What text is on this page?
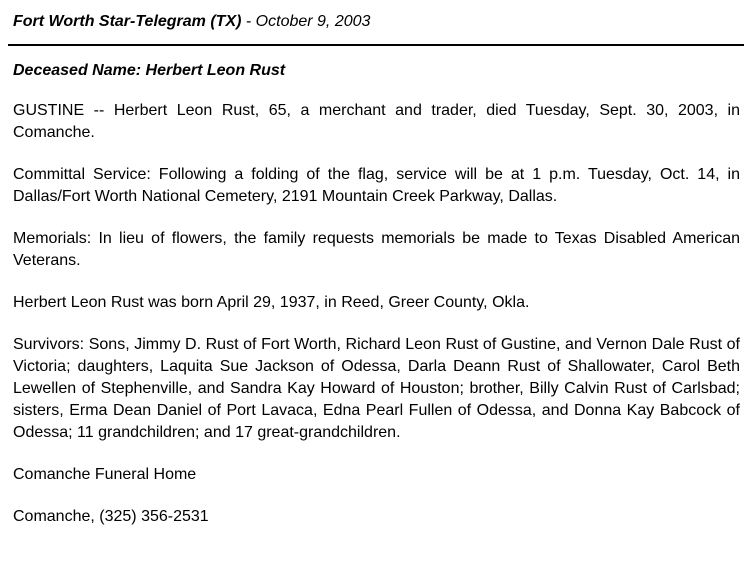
Fort Worth Star-Telegram (TX) - October 9, 2003
Deceased Name: Herbert Leon Rust

GUSTINE -- Herbert Leon Rust, 65, a merchant and trader, died Tuesday, Sept. 30, 2003, in Comanche.

Committal Service: Following a folding of the flag, service will be at 1 p.m. Tuesday, Oct. 14, in Dallas/Fort Worth National Cemetery, 2191 Mountain Creek Parkway, Dallas.

Memorials: In lieu of flowers, the family requests memorials be made to Texas Disabled American Veterans.

Herbert Leon Rust was born April 29, 1937, in Reed, Greer County, Okla.

Survivors: Sons, Jimmy D. Rust of Fort Worth, Richard Leon Rust of Gustine, and Vernon Dale Rust of Victoria; daughters, Laquita Sue Jackson of Odessa, Darla Deann Rust of Shallowater, Carol Beth Lewellen of Stephenville, and Sandra Kay Howard of Houston; brother, Billy Calvin Rust of Carlsbad; sisters, Erma Dean Daniel of Port Lavaca, Edna Pearl Fullen of Odessa, and Donna Kay Babcock of Odessa; 11 grandchildren; and 17 great-grandchildren.

Comanche Funeral Home

Comanche, (325) 356-2531
